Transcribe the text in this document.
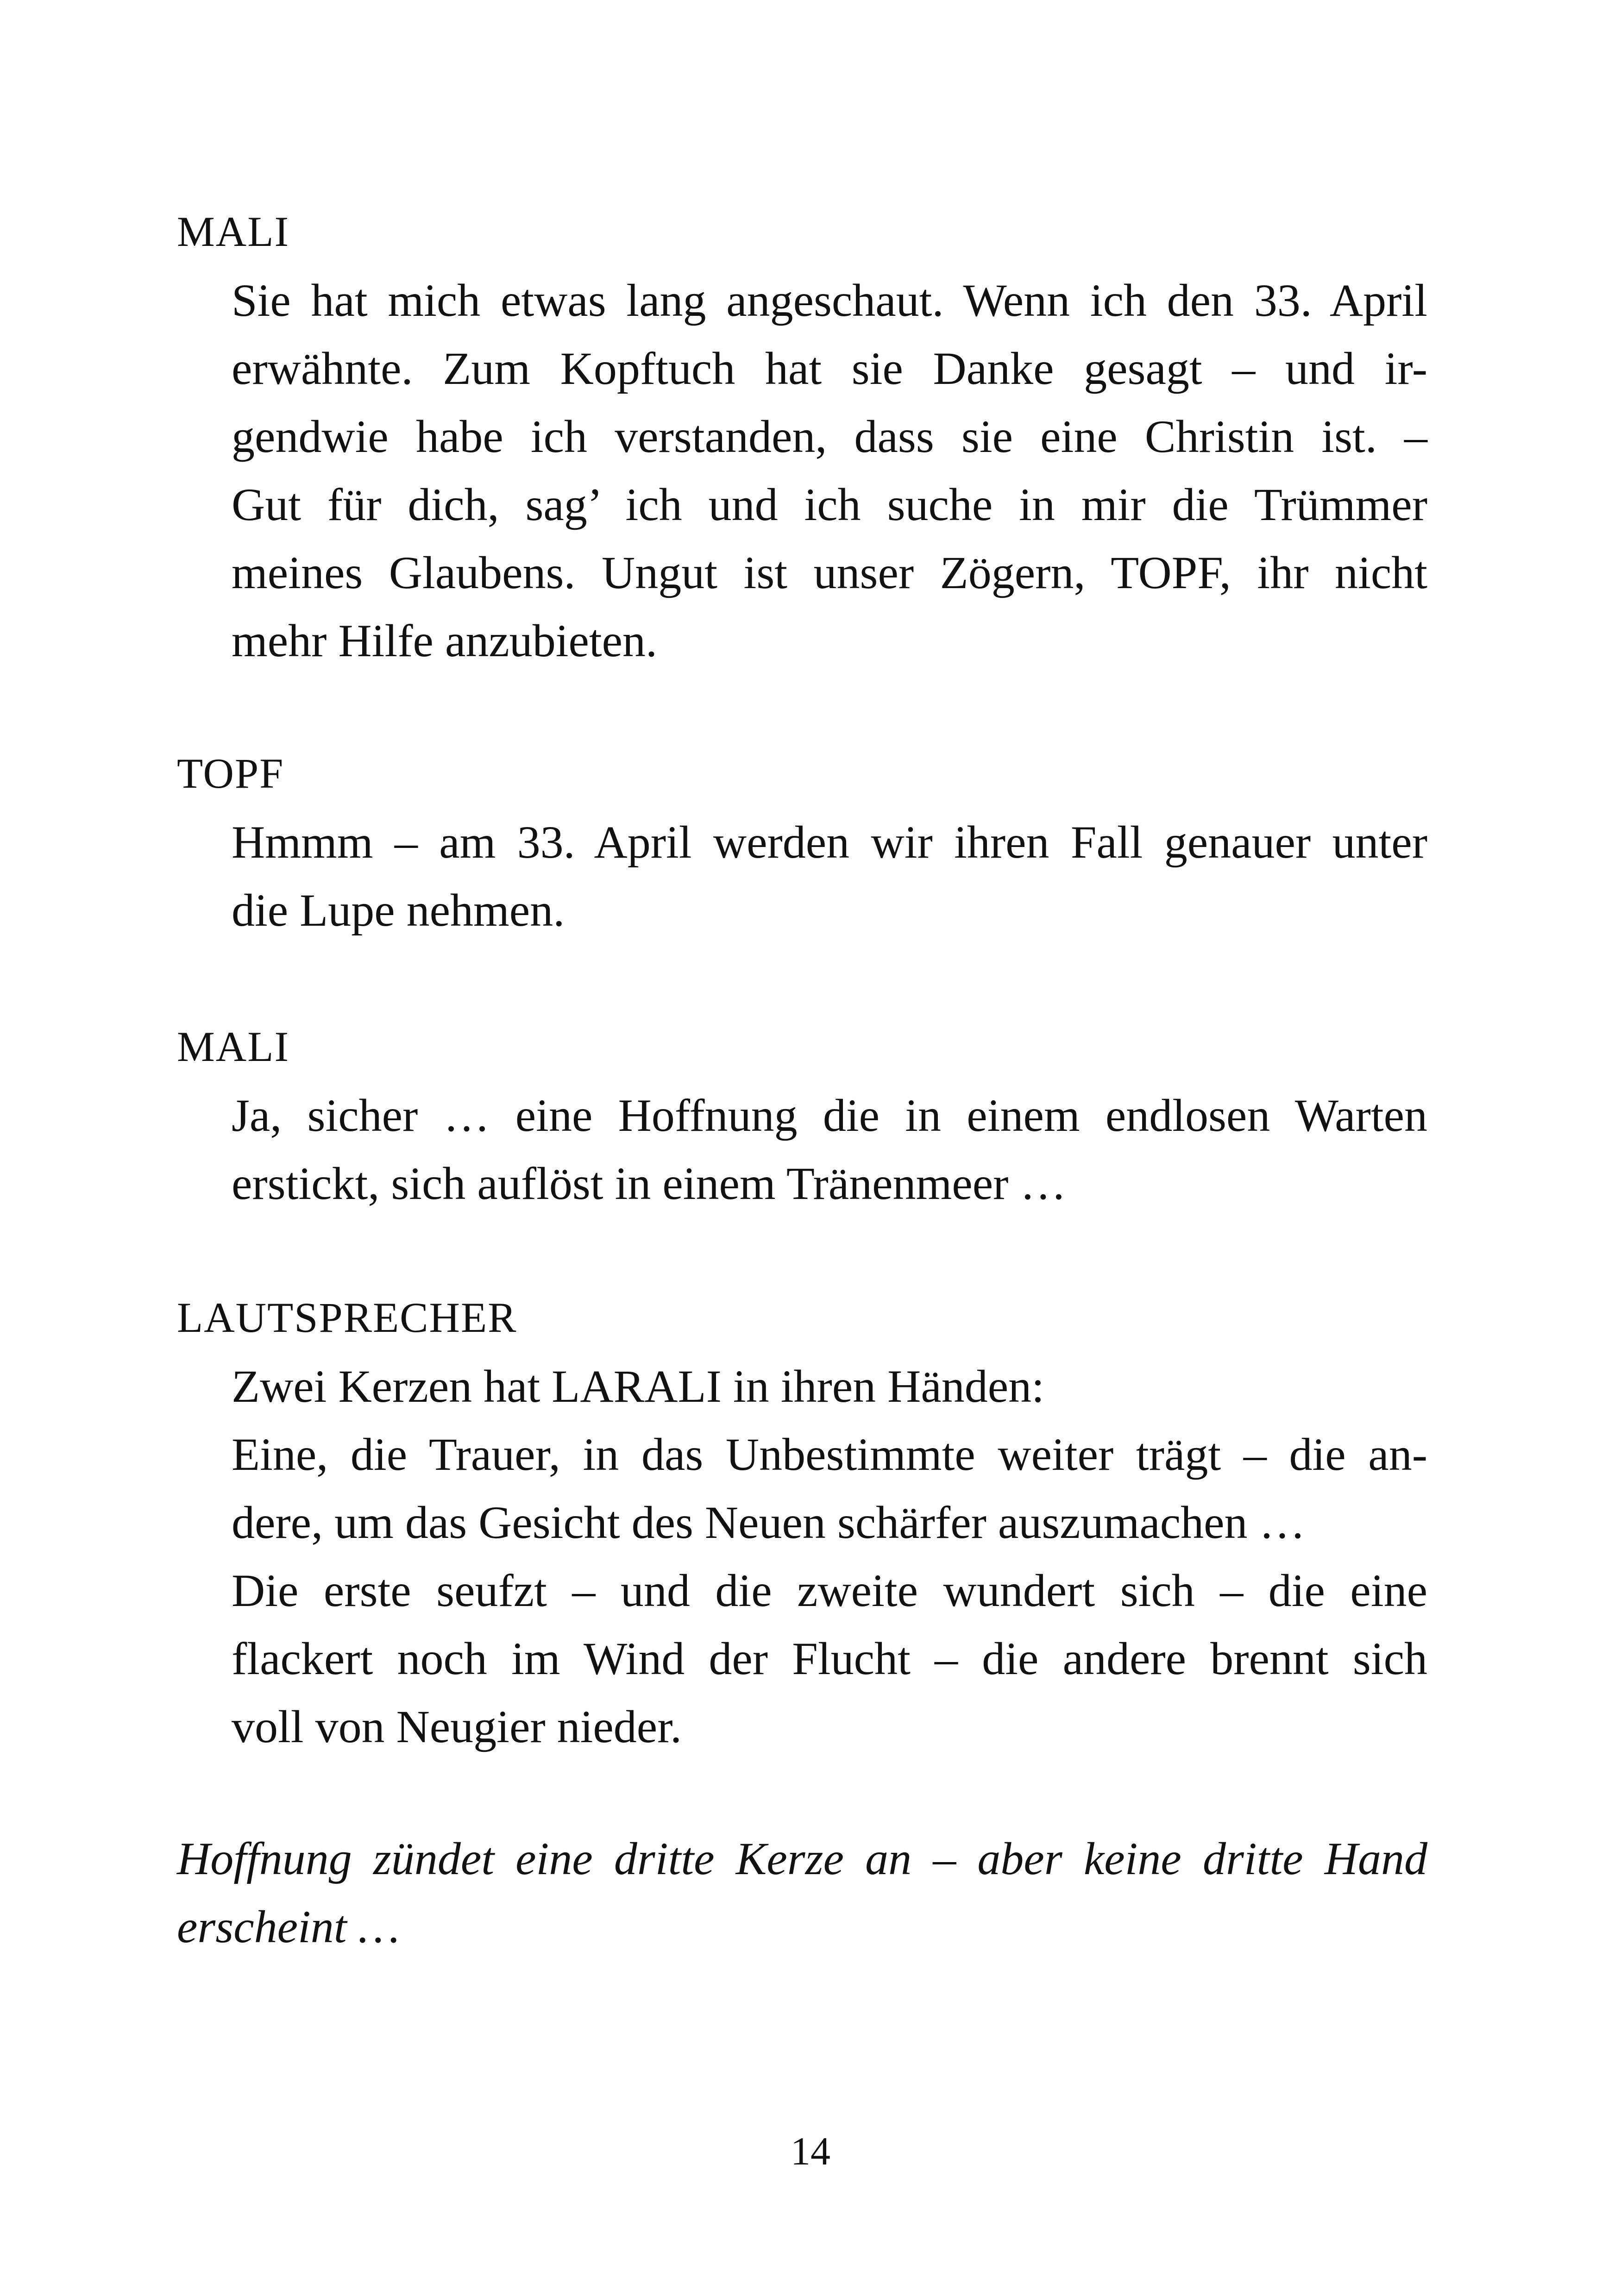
MALI

Sie hat mich etwas lang angeschaut. Wenn ich den 33. April
erwähnte. Zum Kopftuch hat sie Danke gesagt – und ir-
gendwie habe ich verstanden, dass sie eine Christin ist. –
Gut für dich, sag’ ich und ich suche in mir die Trümmer
meines Glaubens. Ungut ist unser Zögern, TOPF, ihr nicht
mehr Hilfe anzubieten.

TOPF

Hmmm – am 33. April werden wir ihren Fall genauer unter
die Lupe nehmen.

MALI

Ja, sicher … eine Hoffnung die in einem endlosen Warten
erstickt, sich auflöst in einem Tränenmeer …

LAUTSPRECHER

Zwei Kerzen hat LARALI in ihren Händen:
Eine, die Trauer, in das Unbestimmte weiter trägt – die an-
dere, um das Gesicht des Neuen schärfer auszumachen …
Die erste seufzt – und die zweite wundert sich – die eine
flackert noch im Wind der Flucht – die andere brennt sich
voll von Neugier nieder.

Hoffnung zündet eine dritte Kerze an – aber keine dritte Hand
erscheint …
14
